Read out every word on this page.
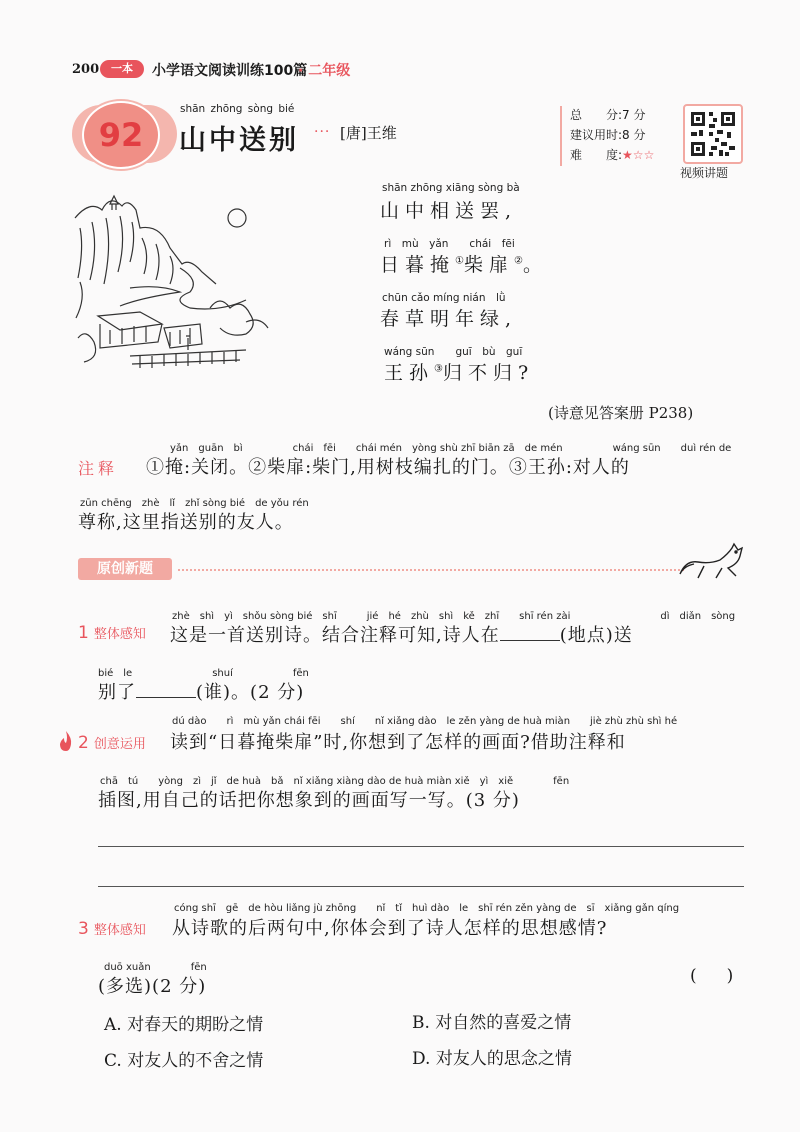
200	一本	小学语文阅读训练100篇
· 二年级
92
shān zhōng sòng bié
山中送别 ··· [唐]王维
总　　分:7 分
建议用时:8 分
难　　度:★☆☆
视频讲题
shān zhōng xiāng sòng bà
山中相送罢,
rì　mù　yǎn　　chái　fēi
日暮掩①柴扉②。
chūn cǎo míng nián　lǜ
春草明年绿,
wáng sūn　　guī　bù　guī
王孙③归不归?
(诗意见答案册 P238)
yǎn　guān　bì　　　　　chái　fēi　　chái mén　yòng shù zhī biān zā　de mén　　　　　wáng sūn　　duì rén de
注释 ①掩:关闭。②柴扉:柴门,用树枝编扎的门。③王孙:对人的
zūn chēng　zhè　lǐ　zhǐ sòng bié　de yǒu rén
尊称,这里指送别的友人。
原创新题
zhè　shì　yì　shǒu sòng bié　shī　　　jié　hé　zhù　shì　kě　zhī　　shī rén zài　　　　　　　　　dì　diǎn　sòng
1 整体感知 这是一首送别诗。结合注释可知,诗人在	(地点)送
bié　le　　　　　　　　shuí　　　　　　fēn
别了	(谁)。(2 分)
dú dào　　rì　mù yǎn chái fēi　　shí　　nǐ xiǎng dào　le zěn yàng de huà miàn　　jiè zhù zhù shì hé
2 创意运用 读到“日暮掩柴扉”时,你想到了怎样的画面?借助注释和
chā　tú　　yòng　zì　jǐ　de huà　bǎ　nǐ xiǎng xiàng dào de huà miàn xiě　yì　xiě　　　　fēn
插图,用自己的话把你想象到的画面写一写。(3 分)
cóng shī　gē　de hòu liǎng jù zhōng　　nǐ　tǐ　huì dào　le　shī rén zěn yàng de　sī　xiǎng gǎn qíng
3 整体感知 从诗歌的后两句中,你体会到了诗人怎样的思想感情?
duō xuǎn　　　　fēn
(多选)(2 分)	()
A. 对春天的期盼之情	B. 对自然的喜爱之情
C. 对友人的不舍之情	D. 对友人的思念之情
